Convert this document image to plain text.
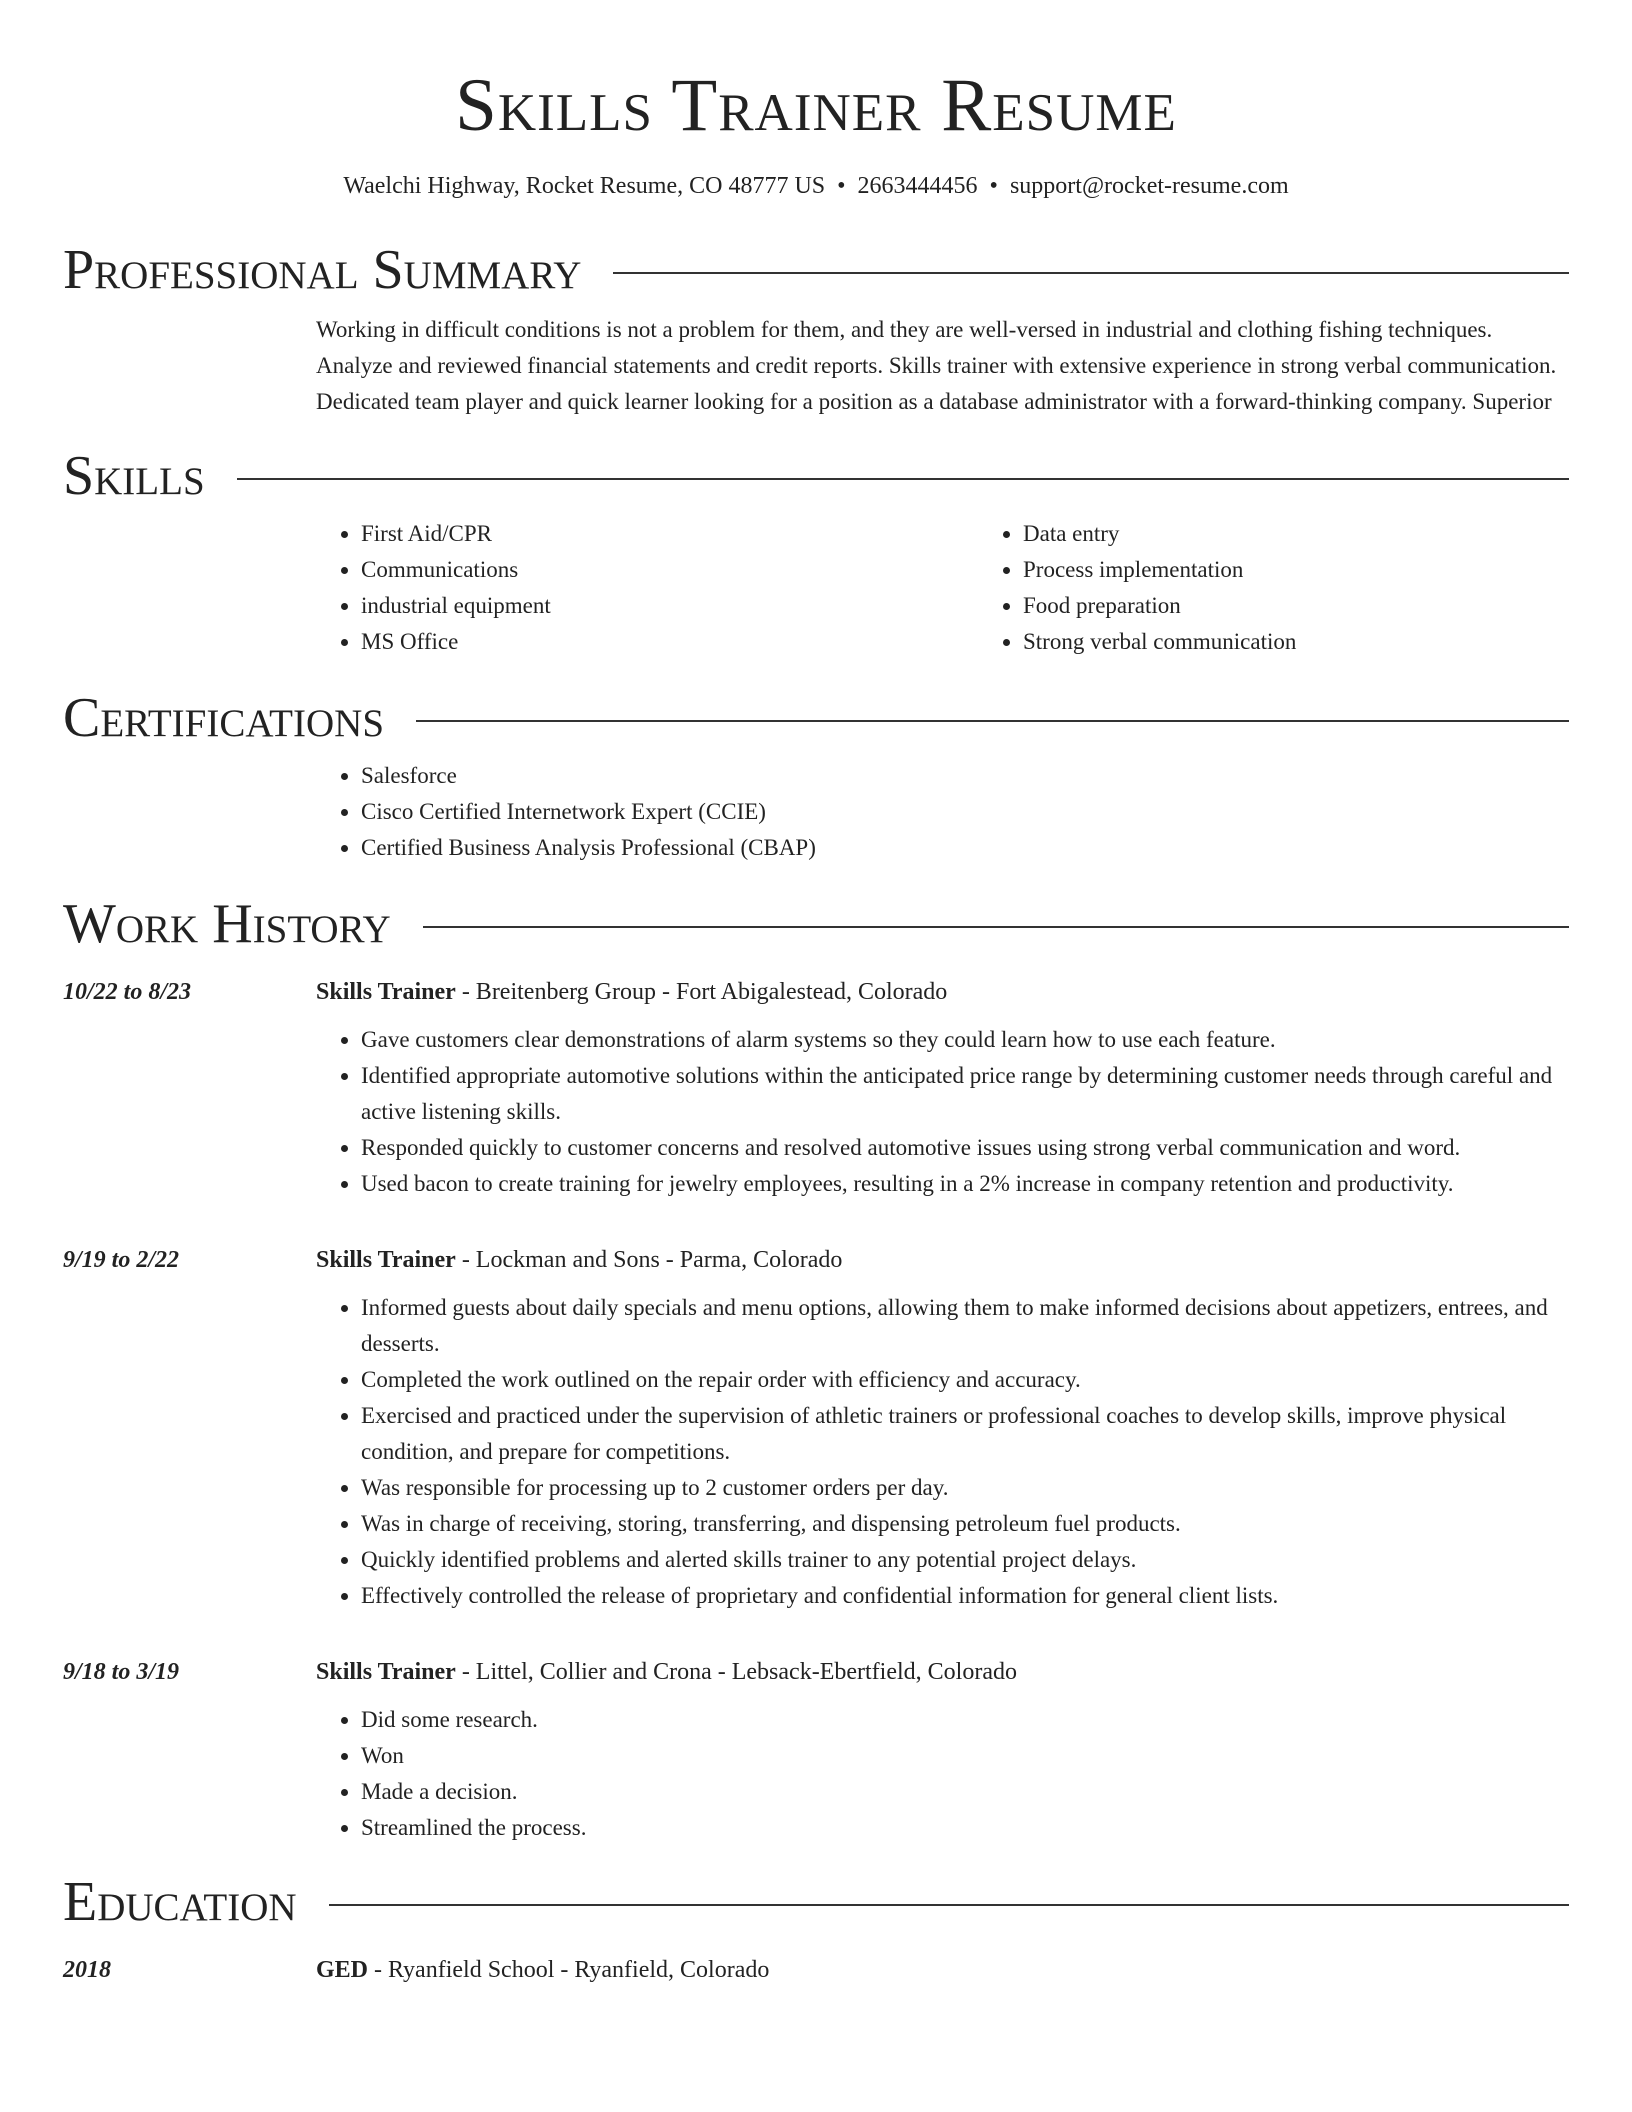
Skills Trainer Resume
Waelchi Highway, Rocket Resume, CO 48777 US • 2663444456 • support@rocket-resume.com
Professional Summary

Working in difficult conditions is not a problem for them, and they are well-versed in industrial and clothing fishing techniques. Analyze and reviewed financial statements and credit reports. Skills trainer with extensive experience in strong verbal communication. Dedicated team player and quick learner looking for a position as a database administrator with a forward-thinking company. Superior

Skills
• First Aid/CPR
• Communications
• industrial equipment
• MS Office
• Data entry
• Process implementation
• Food preparation
• Strong verbal communication
Certifications
• Salesforce
• Cisco Certified Internetwork Expert (CCIE)
• Certified Business Analysis Professional (CBAP)
Work History
10/22 to 8/23	Skills Trainer - Breitenberg Group - Fort Abigalestead, Colorado
• Gave customers clear demonstrations of alarm systems so they could learn how to use each feature.
• Identified appropriate automotive solutions within the anticipated price range by determining customer needs through careful and active listening skills.
• Responded quickly to customer concerns and resolved automotive issues using strong verbal communication and word.
• Used bacon to create training for jewelry employees, resulting in a 2% increase in company retention and productivity.
9/19 to 2/22	Skills Trainer - Lockman and Sons - Parma, Colorado
• Informed guests about daily specials and menu options, allowing them to make informed decisions about appetizers, entrees, and desserts.
• Completed the work outlined on the repair order with efficiency and accuracy.
• Exercised and practiced under the supervision of athletic trainers or professional coaches to develop skills, improve physical condition, and prepare for competitions.
• Was responsible for processing up to 2 customer orders per day.
• Was in charge of receiving, storing, transferring, and dispensing petroleum fuel products.
• Quickly identified problems and alerted skills trainer to any potential project delays.
• Effectively controlled the release of proprietary and confidential information for general client lists.
9/18 to 3/19	Skills Trainer - Littel, Collier and Crona - Lebsack-Ebertfield, Colorado
• Did some research.
• Won
• Made a decision.
• Streamlined the process.
Education
2018	GED - Ryanfield School - Ryanfield, Colorado
